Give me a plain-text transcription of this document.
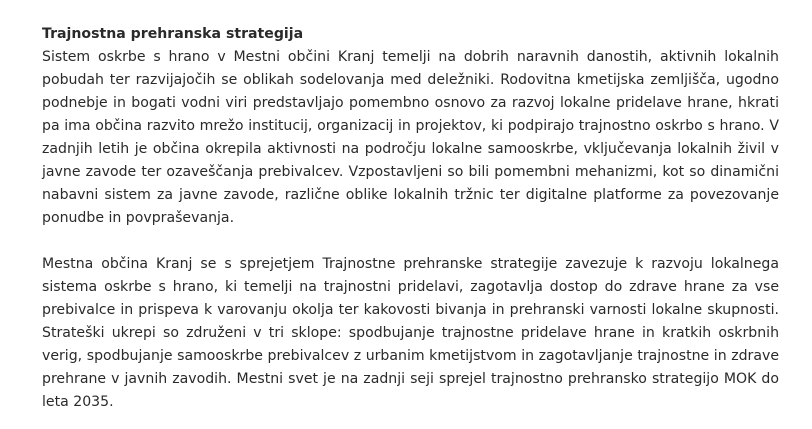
Trajnostna prehranska strategija

Sistem oskrbe s hrano v Mestni občini Kranj temelji na dobrih naravnih danostih, aktivnih lokalnih pobudah ter razvijajočih se oblikah sodelovanja med deležniki. Rodovitna kmetijska zemljišča, ugodno podnebje in bogati vodni viri predstavljajo pomembno osnovo za razvoj lokalne pridelave hrane, hkrati pa ima občina razvito mrežo institucij, organizacij in projektov, ki podpirajo trajnostno oskrbo s hrano. V zadnjih letih je občina okrepila aktivnosti na področju lokalne samooskrbe, vključevanja lokalnih živil v javne zavode ter ozaveščanja prebivalcev. Vzpostavljeni so bili pomembni mehanizmi, kot so dinamični nabavni sistem za javne zavode, različne oblike lokalnih tržnic ter digitalne platforme za povezovanje ponudbe in povpraševanja.

Mestna občina Kranj se s sprejetjem Trajnostne prehranske strategije zavezuje k razvoju lokalnega sistema oskrbe s hrano, ki temelji na trajnostni pridelavi, zagotavlja dostop do zdrave hrane za vse prebivalce in prispeva k varovanju okolja ter kakovosti bivanja in prehranski varnosti lokalne skupnosti. Strateški ukrepi so združeni v tri sklope: spodbujanje trajnostne pridelave hrane in kratkih oskrbnih verig, spodbujanje samooskrbe prebivalcev z urbanim kmetijstvom in zagotavljanje trajnostne in zdrave prehrane v javnih zavodih. Mestni svet je na zadnji seji sprejel trajnostno prehransko strategijo MOK do leta 2035.
